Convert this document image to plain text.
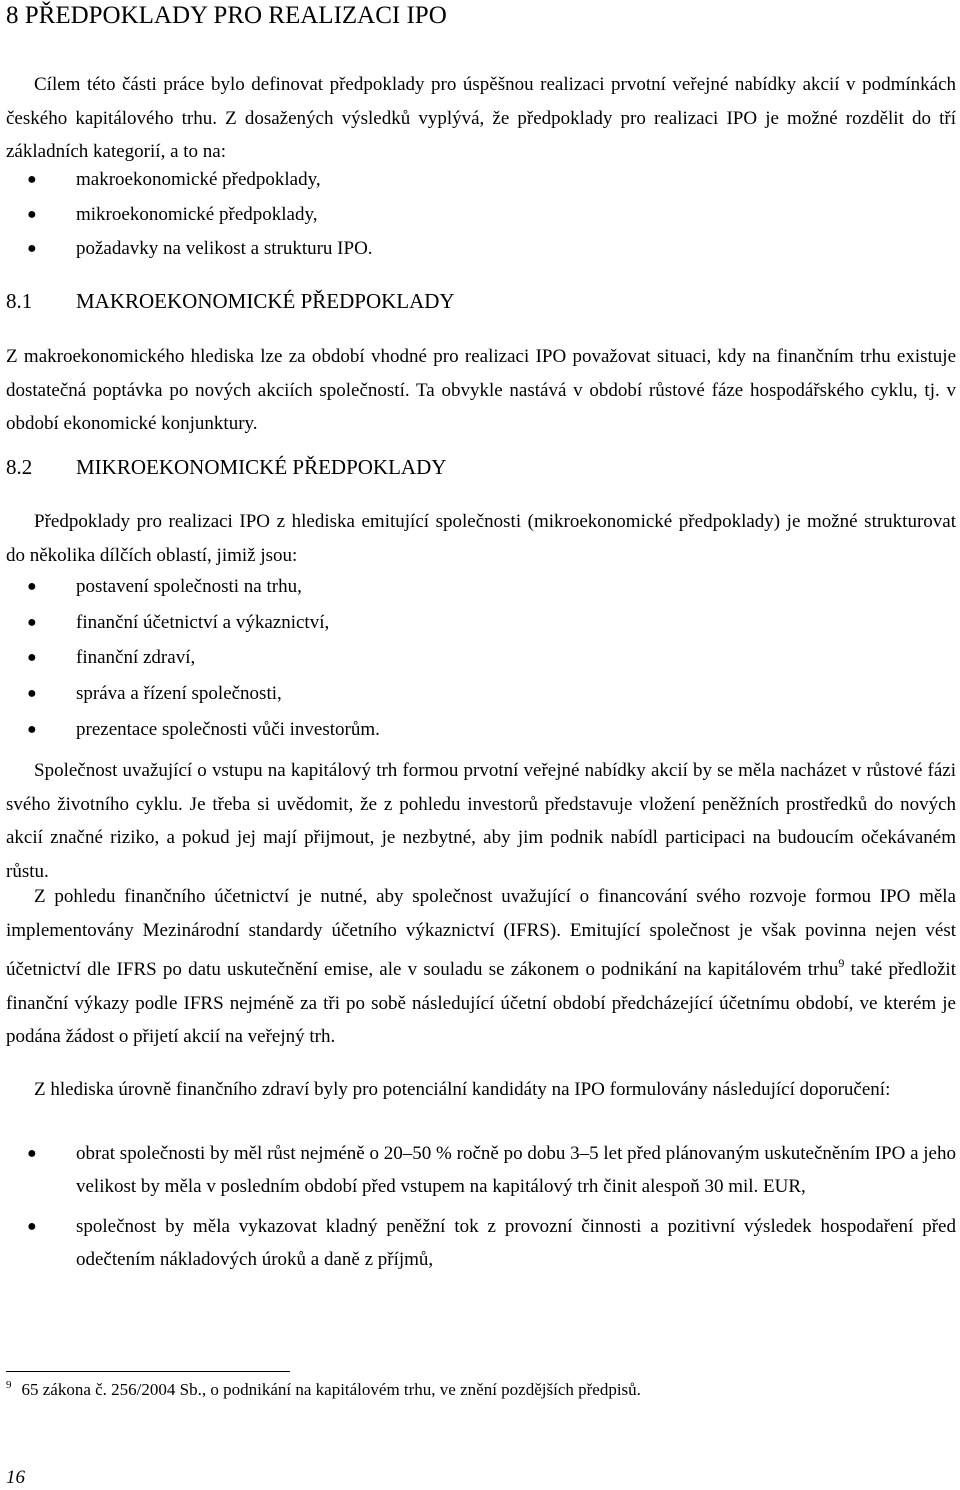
8 PŘEDPOKLADY PRO REALIZACI IPO

Cílem této části práce bylo definovat předpoklady pro úspěšnou realizaci prvotní veřejné nabídky akcií v podmínkách českého kapitálového trhu. Z dosažených výsledků vyplývá, že předpoklady pro realizaci IPO je možné rozdělit do tří základních kategorií, a to na:

● makroekonomické předpoklady,
● mikroekonomické předpoklady,
● požadavky na velikost a strukturu IPO.
8.1 MAKROEKONOMICKÉ PŘEDPOKLADY

Z makroekonomického hlediska lze za období vhodné pro realizaci IPO považovat situaci, kdy na finančním trhu existuje dostatečná poptávka po nových akciích společností. Ta obvykle nastává v období růstové fáze hospodářského cyklu, tj. v období ekonomické konjunktury.

8.2 MIKROEKONOMICKÉ PŘEDPOKLADY

Předpoklady pro realizaci IPO z hlediska emitující společnosti (mikroekonomické předpoklady) je možné strukturovat do několika dílčích oblastí, jimiž jsou:

● postavení společnosti na trhu,
● finanční účetnictví a výkaznictví,
● finanční zdraví,
● správa a řízení společnosti,
● prezentace společnosti vůči investorům.

Společnost uvažující o vstupu na kapitálový trh formou prvotní veřejné nabídky akcií by se měla nacházet v růstové fázi svého životního cyklu. Je třeba si uvědomit, že z pohledu investorů představuje vložení peněžních prostředků do nových akcií značné riziko, a pokud jej mají přijmout, je nezbytné, aby jim podnik nabídl participaci na budoucím očekávaném růstu.

Z pohledu finančního účetnictví je nutné, aby společnost uvažující o financování svého rozvoje formou IPO měla implementovány Mezinárodní standardy účetního výkaznictví (IFRS). Emitující společnost je však povinna nejen vést účetnictví dle IFRS po datu uskutečnění emise, ale v souladu se zákonem o podnikání na kapitálovém trhu$^9$ také předložit finanční výkazy podle IFRS nejméně za tři po sobě následující účetní období předcházející účetnímu období, ve kterém je podána žádost o přijetí akcií na veřejný trh.

Z hlediska úrovně finančního zdraví byly pro potenciální kandidáty na IPO formulovány následující doporučení:

● obrat společnosti by měl růst nejméně o 20–50 % ročně po dobu 3–5 let před plánovaným uskutečněním IPO a jeho velikost by měla v posledním období před vstupem na kapitálový trh činit alespoň 30 mil. EUR,
● společnost by měla vykazovat kladný peněžní tok z provozní činnosti a pozitivní výsledek hospodaření před odečtením nákladových úroků a daně z příjmů,
$^9$ 65 zákona č. 256/2004 Sb., o podnikání na kapitálovém trhu, ve znění pozdějších předpisů.
16
